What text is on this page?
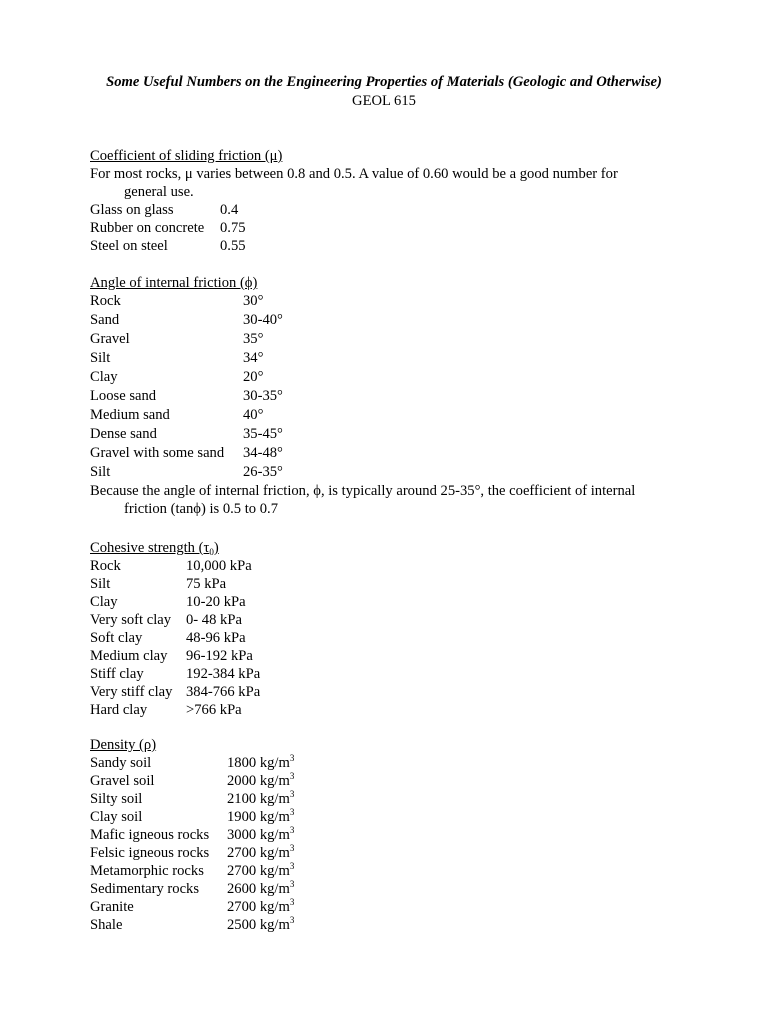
Some Useful Numbers on the Engineering Properties of Materials (Geologic and Otherwise)
GEOL 615
Coefficient of sliding friction (μ)
For most rocks, μ varies between 0.8 and 0.5. A value of 0.60 would be a good number for
general use.
Glass on glass	0.4
Rubber on concrete 0.75
Steel on steel	0.55
Angle of internal friction (ϕ)
Rock	30°
Sand	30-40°
Gravel	35°
Silt	34°
Clay	20°
Loose sand	30-35°
Medium sand	40°
Dense sand	35-45°
Gravel with some sand 34-48°
Silt	26-35°
Because the angle of internal friction, ϕ, is typically around 25-35°, the coefficient of internal
friction (tanϕ) is 0.5 to 0.7
Cohesive strength $(\tau_0)$
Rock	10,000 kPa
Silt	75 kPa
Clay	10-20 kPa
Very soft clay 0- 48 kPa
Soft clay	48-96 kPa
Medium clay 96-192 kPa
Stiff clay	192-384 kPa
Very stiff clay 384-766 kPa
Hard clay	>766 kPa
Density (ρ)
Sandy soil	1800 $kg/m^3$
Gravel soil	2000 $kg/m^3$
Silty soil	2100 $kg/m^3$
Clay soil	1900 $kg/m^3$
Mafic igneous rocks 3000 $kg/m^3$
Felsic igneous rocks 2700 $kg/m^3$
Metamorphic rocks 2700 $kg/m^3$
Sedimentary rocks 2600 $kg/m^3$
Granite	2700 $kg/m^3$
Shale	2500 $kg/m^3$
